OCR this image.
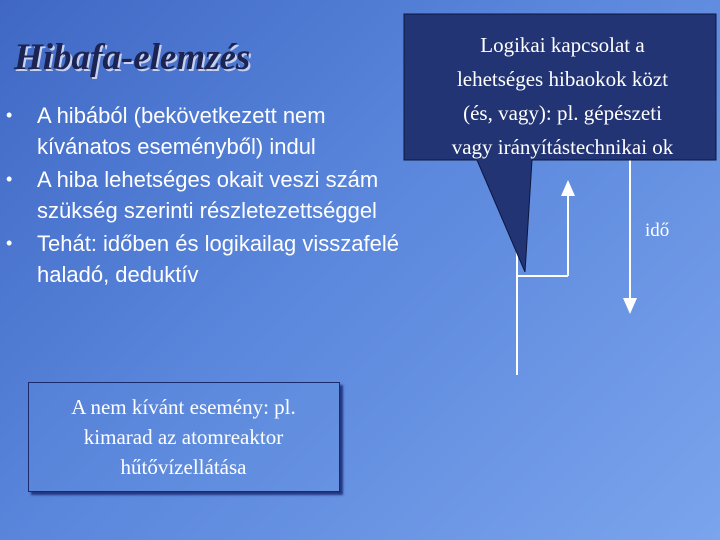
Hibafa-elemzés
• A hibából (bekövetkezett nem
kívánatos eseményből) indul
• A hiba lehetséges okait veszi szám
szükség szerinti részletezettséggel
• Tehát: időben és logikailag visszafelé
haladó, deduktív
Logikai kapcsolat a
lehetséges hibaokok közt
(és, vagy): pl. gépészeti
vagy irányítástechnikai ok
idő
A nem kívánt esemény: pl.
kimarad az atomreaktor
hűtővízellátása
